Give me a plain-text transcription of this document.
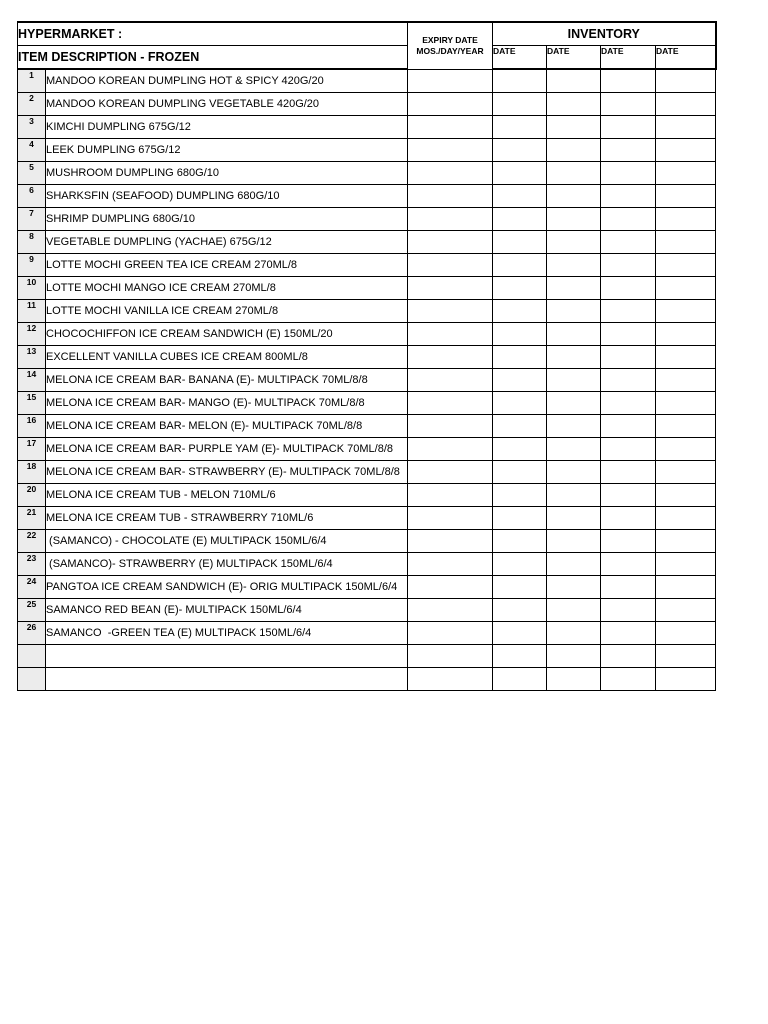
HYPERMARKET :		EXPIRY DATE
MOS./DAY/YEAR	INVENTORY			
ITEM DESCRIPTION - FROZEN			DATE	DATE	DATE	DATE
1	MANDOO KOREAN DUMPLING HOT & SPICY 420G/20					
2	MANDOO KOREAN DUMPLING VEGETABLE 420G/20					
3	KIMCHI DUMPLING 675G/12					
4	LEEK DUMPLING 675G/12					
5	MUSHROOM DUMPLING 680G/10					
6	SHARKSFIN (SEAFOOD) DUMPLING 680G/10					
7	SHRIMP DUMPLING 680G/10					
8	VEGETABLE DUMPLING (YACHAE) 675G/12					
9	LOTTE MOCHI GREEN TEA ICE CREAM 270ML/8					
10	LOTTE MOCHI MANGO ICE CREAM 270ML/8					
11	LOTTE MOCHI VANILLA ICE CREAM 270ML/8					
12	CHOCOCHIFFON ICE CREAM SANDWICH (E) 150ML/20					
13	EXCELLENT VANILLA CUBES ICE CREAM 800ML/8					
14	MELONA ICE CREAM BAR- BANANA (E)- MULTIPACK 70ML/8/8					
15	MELONA ICE CREAM BAR- MANGO (E)- MULTIPACK 70ML/8/8					
16	MELONA ICE CREAM BAR- MELON (E)- MULTIPACK 70ML/8/8					
17	MELONA ICE CREAM BAR- PURPLE YAM (E)- MULTIPACK 70ML/8/8					
18	MELONA ICE CREAM BAR- STRAWBERRY (E)- MULTIPACK 70ML/8/8					
20	MELONA ICE CREAM TUB - MELON 710ML/6					
21	MELONA ICE CREAM TUB - STRAWBERRY 710ML/6					
22	(SAMANCO) - CHOCOLATE (E) MULTIPACK 150ML/6/4					
23	(SAMANCO)- STRAWBERRY (E) MULTIPACK 150ML/6/4					
24	PANGTOA ICE CREAM SANDWICH (E)- ORIG MULTIPACK 150ML/6/4					
25	SAMANCO RED BEAN (E)- MULTIPACK 150ML/6/4					
26	SAMANCO  -GREEN TEA (E) MULTIPACK 150ML/6/4					
